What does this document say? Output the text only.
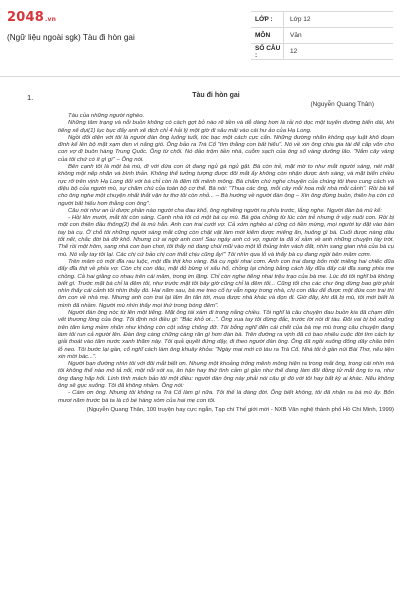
2048.vn
(Ngữ liệu ngoài sgk) Tàu đi hòn gai
LỚP :	Lớp 12
MÔN	Văn
SỐ CÂU :	12
1.	Tàu đi hòn gai
(Nguyễn Quang Thân)

Tàu của những người nghèo.

Những tâm trạng và nỗi buồn không có cách gợt bỏ nào rẽ tiền và dễ dàng hơn là rải nó dọc một tuyến đường biển dài, khi tiếng xế đụi(1) lục bục đẩy anh xê dịch chỉ 4 hải lý một giờ đi sâu mãi vào cái hư ảo của Hạ Long.

Ngồi đối diện với tôi là người đàn ông luống tuổi, tóc bạc một cách cực cẩn. Những đường nhăn không quy luật khô đoạn đình kể lên bộ mặt xạm đen vì nắng gió. Ông bảo ra Trà Cổ "tìm thằng con bất hiếu". Nó về xin ông chia gia tài để cấp vốn cho con vợ đi buôn hàng Trung Quốc. Ông từ chối. Nó đảo trộm tiền nhà, cuỗm sạch của ông số vàng dưỡng lão. "Nắm cây vàng của tôi chứ có ít gì gì" – Ông nói.

Bên cạnh tôi là một bà mù, đi với đứa con út đang ngủ gà ngủ gật. Bà còn trẻ, mặt mờ to như mắt người sáng, nét mặt không một nếp nhăn và bình thản. Không thể tưởng tượng được đôi mắt ấy không còn nhận được ánh sáng, và mặt biển chiều rực rỡ trên vịnh Hạ Long đối với bà chỉ còn là đêm tối mênh mông. Bà chấm chú nghe chuyện của chúng tôi theo cung cách và điệu bộ của người mù, sự chăm chú của toàn bộ cơ thể. Bà nói: "Thua các ông, mỗi cây mỗi hoa mỗi nhà mỗi cảnh". Rồi bà kể cho ông nghe một chuyện nhất thắt vận tư thơ tôi còn nhỏ... – Bà hướng về người đàn ông – Xin ông đừng buồn, thiên hạ còn có người bất hiếu hơn thằng con ông".

Câu nói như an ủi được phần nào người cha đau khổ, ông nghiêng người ra phía trước, lắng nghe. Người đàn bà mù kể:

- Hồi lên mười, mắt tôi còn sáng. Cạnh nhà tôi có một bà cụ mù. Bà góa chồng từ lúc còn trẻ nhưng ở vậy nuôi con. Rồi bị một con thiên đầu thống(2) thế là mù hẳn. Anh con trai cưới vợ. Cả xóm nghèo ai cũng có tiền mừng, mọi người tự đặt vào bàn tay bà cụ. Ở chỗ tôi những người sáng mắt cũng còn chật vật làm mới kiếm được miếng ăn, huống gì bà. Cuối được nàng dâu tốt nết, chắc đời bà đỡ khổ. Nhưng cứ ai ngờ anh con! Sau ngày anh có vợ, người ta đã xỉ xầm về anh những chuyện tày trời. Thế rồi một hôm, sang nhà con bạn chơi, tôi thấy nó đang chúi mũi vào một lỗ thủng trên vách đất, nhìn sang gian nhà của bà cụ mù. Nó vẫy tay tôi lại. Các chị cứ bảo chị con thất chịu cũng ấy!" Tôi nhìn qua lỗ và thấy bà cụ đang ngồi bên mâm cơm.

Trên mâm có một đĩa rau luộc, một đĩa thịt kho vàng. Bà cụ ngồi nhai cơm. Anh con trai đang bốn một miếng hai chiếc đũa đẩy đĩa thịt về phía vợ. Còn chị con dâu, mặt đỏ bừng vì xấu hổ, chồng lại chồng bằng cách lấy đũa đẩy cái đĩa sang phía mẹ chồng. Cả hai giằng co nhau trên cái mâm, trong im lặng. Chỉ còn nghe tiếng nhai trệu trạo của bà me. Lúc đó tôi nghĩ bà không biết gì. Trước mặt bà chỉ là đêm tối, như trước mặt tôi bây giờ cũng chỉ là đêm tối... Cũng tối cho các chư ông đừng bao giờ phải nhìn thấy cái cảnh tôi nhìn thấy đó. Hai năm sau, bà me treo cổ tự vẫn ngay trong nhà, chị con dâu để được một đứa con trai thì ôm con về nhà mẹ. Nhưng anh con trai lại lấm ăn tấn tới, mua được nhà khác và đọn đi. Giờ đây, khi đã bị mù, tôi mới biết là mình đã nhầm. Người mù nhìn thấy mọi thứ trong bóng đêm".

Người đàn ông nóc từ lên một tiếng. Mặt ông tái xám đi trong nắng chiều. Tôi nghĩ là câu chuyện đau buồn kia đã chạm đến vết thương lòng của ông. Tôi định nói điều gì: "Bác khỏ ơi...". Ông xua tay tôi đừng đắc, trước lời nói đi tàu. Đôi vai bị bỏ xuống trên tấm lưng mềm nhũn như không còn cột sống chống đỡ. Tôi bỗng nghĩ đến cái chết của bà mẹ mù trong câu chuyện đang làm tôi run cả người lên. Đàn ông càng chững càng rãn gì hơn đàn bà. Trên đường ra vịnh đã có bao nhiêu cuộc đời tìm cách tự giải thoát vào tấm nước xanh thăm này. Tôi quả quyết đứng dậy, đi theo người đàn ông. Ông đã ngồi xuống đống dây chão trên lỗ neo. Tôi bước lại gần, cố nghĩ cách làm ông khuây khỏa: "Ngày mai mới có tàu ra Trà Cổ. Nhà tôi ở gần núi Bài Thơ, nếu tiện xin mời bác...".

Người bạn đường nhìn tôi với đôi mắt biết ơn. Nhưng một khoảng trống mênh mông hiện ra trong mắt ông, trong cái nhìn mà tôi không thể nào mô tả nổi, một nỗi xót xa, ân hận hay thứ tình cảm gì gần như thể đang làm đôi đồng tử mắt ông to ra, như ông đang hấp hối. Linh tính mách bảo tôi một điều: người đàn ông này phải nói câu gì đó với tôi hay bất kỳ ai khác. Nếu không ông sẽ gục xuống. Tôi đã không nhầm. Ông nói:

- Cám ơn ông. Nhưng tôi không ra Trà Cổ làm gì nữa. Tôi thế là đáng đời. Ông biết không, tôi đã nhận ra bà mù ấy. Bốn mươi năm trước bà ta là cô bé hàng xóm của hai mẹ con tôi.

(Nguyễn Quang Thân, 100 truyện hay cực ngắn, Tạp chí Thế giới mới - NXB Văn nghệ thành phố Hồ Chí Minh, 1999)
